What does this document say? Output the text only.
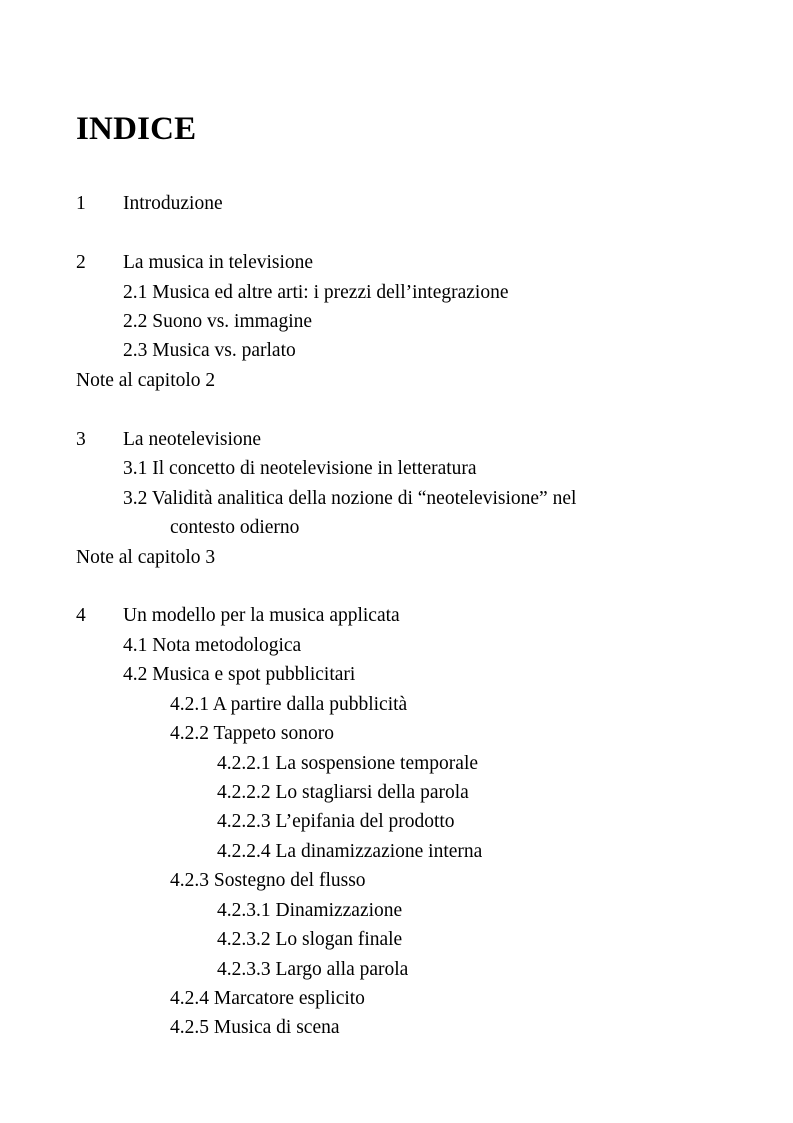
INDICE
1 Introduzione
2 La musica in televisione
2.1 Musica ed altre arti: i prezzi dell’integrazione
2.2 Suono vs. immagine
2.3 Musica vs. parlato
Note al capitolo 2
3 La neotelevisione
3.1 Il concetto di neotelevisione in letteratura
3.2 Validità analitica della nozione di “neotelevisione” nel
contesto odierno
Note al capitolo 3
4 Un modello per la musica applicata
4.1 Nota metodologica
4.2 Musica e spot pubblicitari
4.2.1 A partire dalla pubblicità
4.2.2 Tappeto sonoro
4.2.2.1 La sospensione temporale
4.2.2.2 Lo stagliarsi della parola
4.2.2.3 L’epifania del prodotto
4.2.2.4 La dinamizzazione interna
4.2.3 Sostegno del flusso
4.2.3.1 Dinamizzazione
4.2.3.2 Lo slogan finale
4.2.3.3 Largo alla parola
4.2.4 Marcatore esplicito
4.2.5 Musica di scena
